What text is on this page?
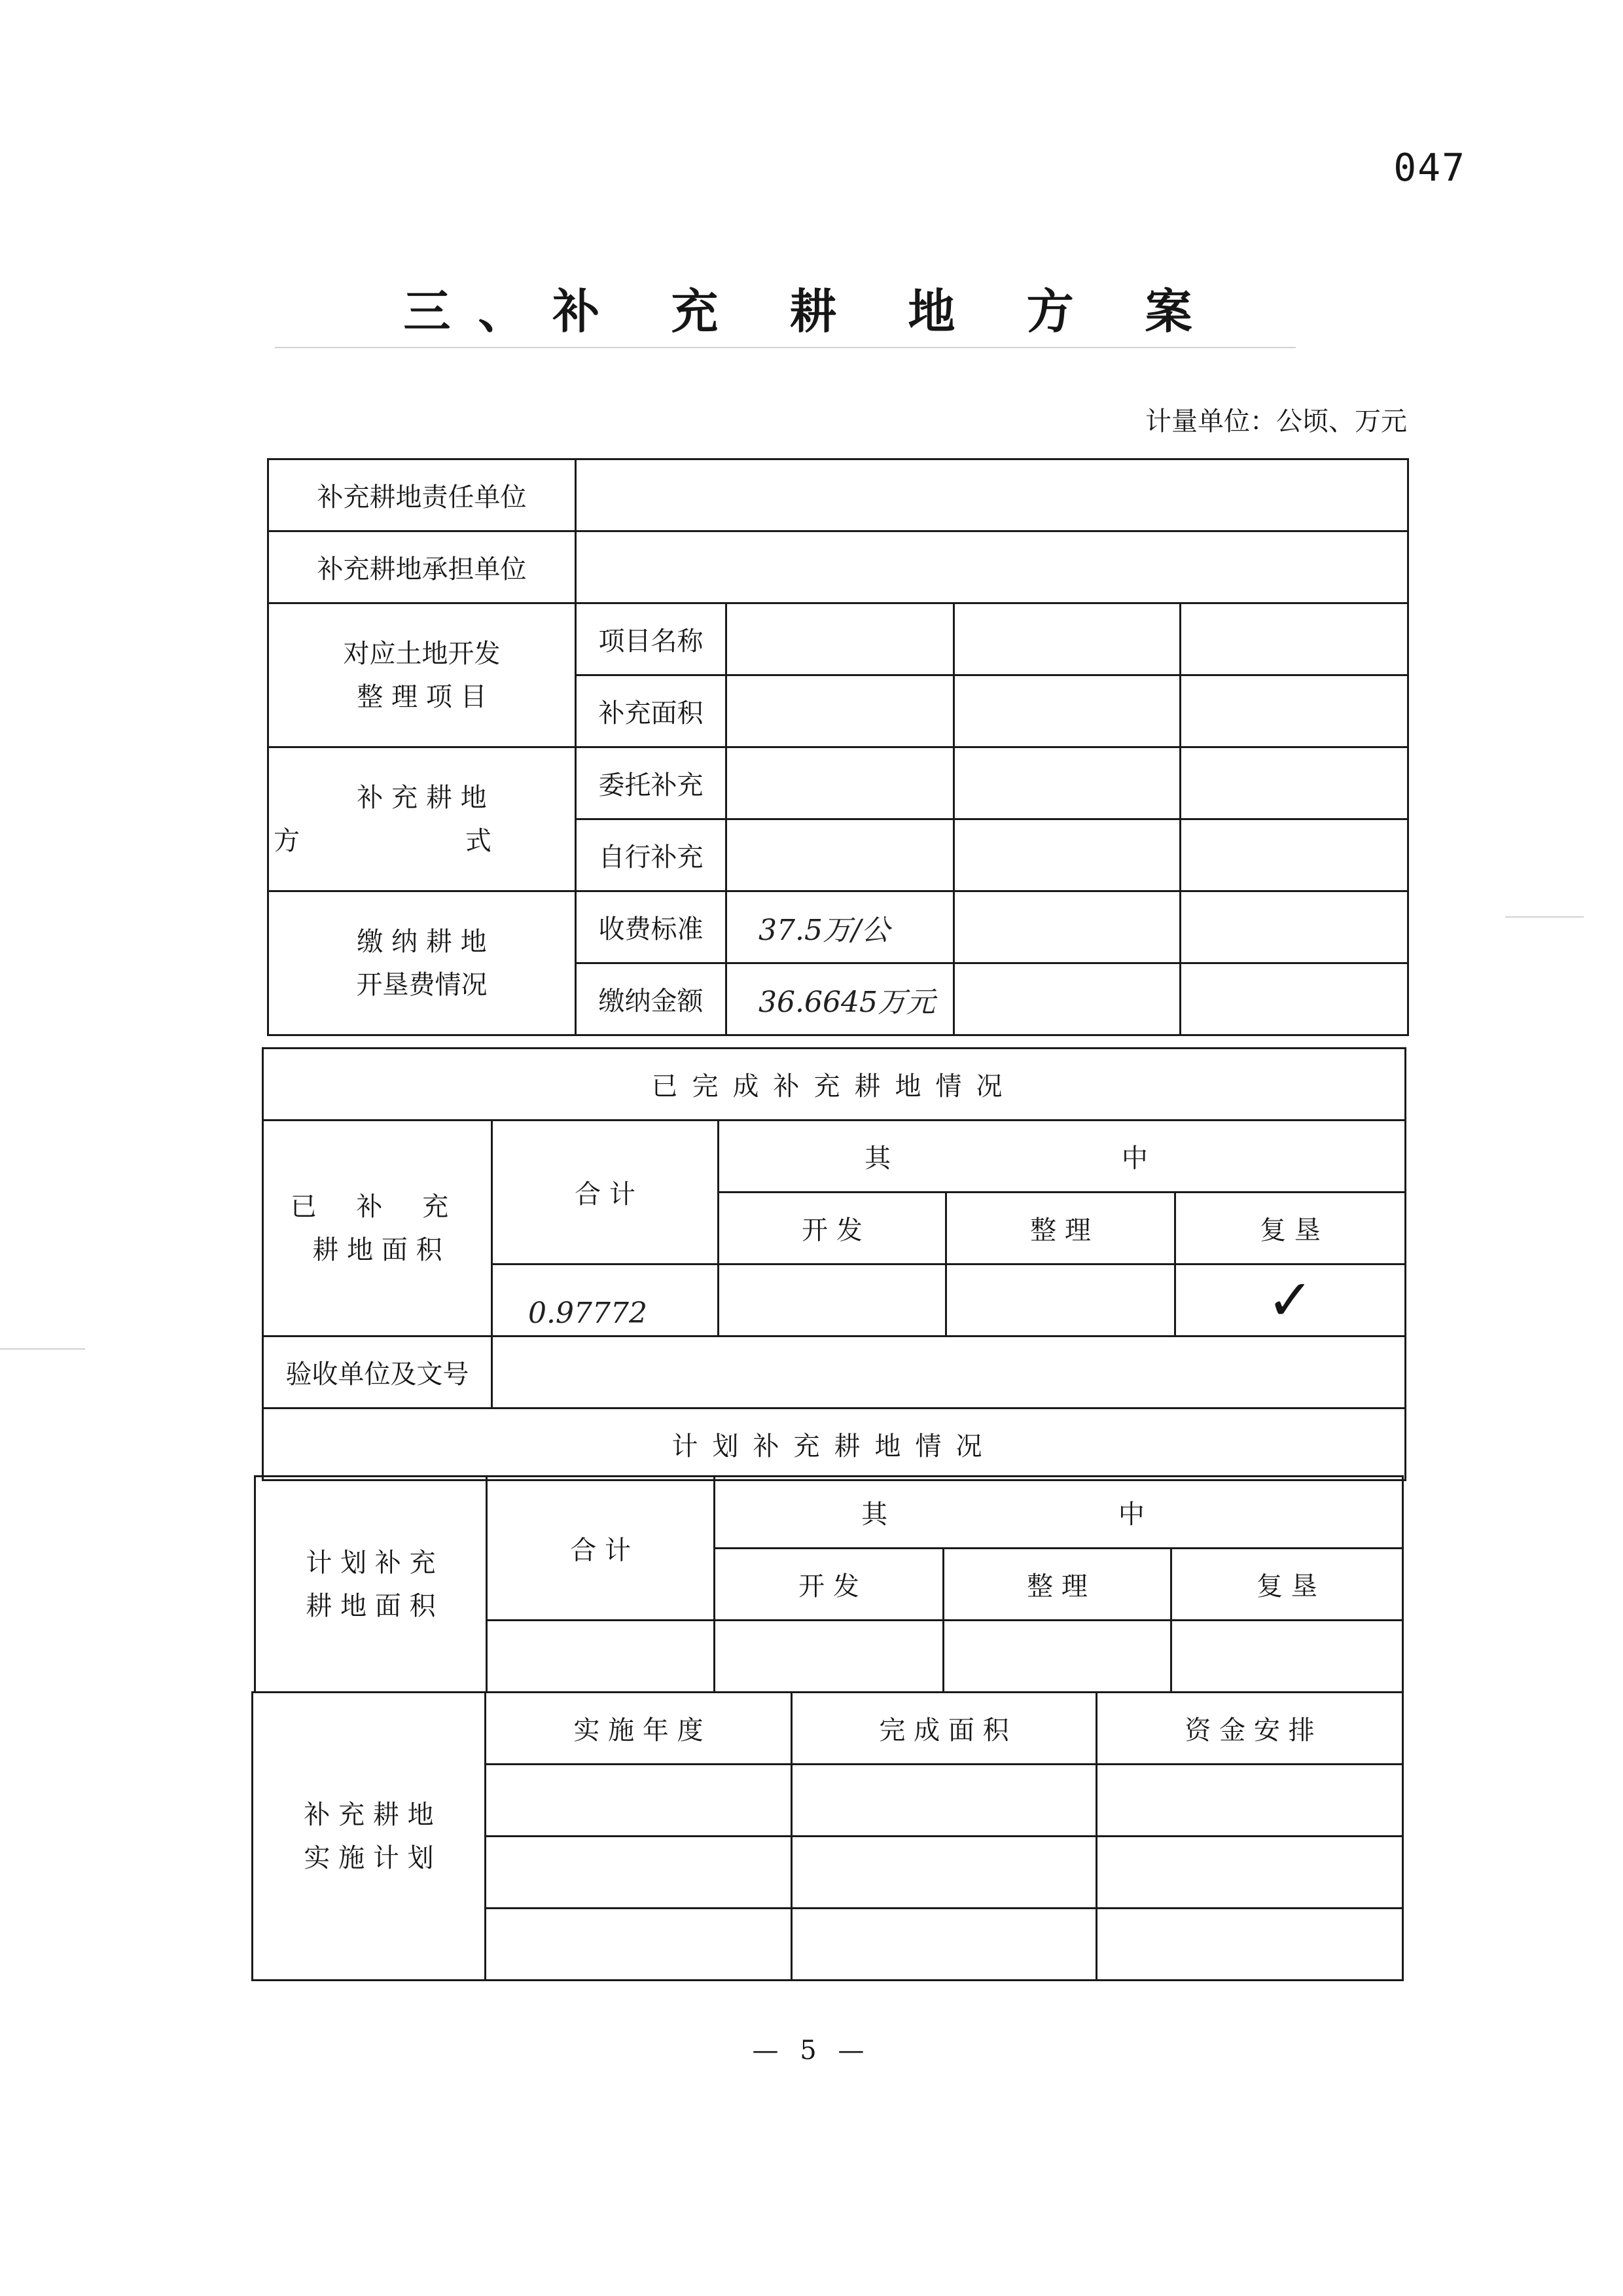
047
三、补 充 耕 地 方 案
计量单位：公顷、万元
补充耕地责任单位				
补充耕地承担单位				

对应土地开发
整 理 项 目	项目名称			
	补充面积			

补 充 耕 地
方 式	委托补充			
	自行补充			

缴 纳 耕 地
开垦费情况	收费标准	37.5万/公		
	缴纳金额	36.6645万元		
已完成补充耕地情况				

已 补 充
耕 地 面 积	合 计	其 中		
		开 发	整 理	复 垦
	0.97772			✓
验收单位及文号				
计划补充耕地情况				
计 划 补 充
耕 地 面 积	合 计	其 中		
		开 发	整 理	复 垦

补 充 耕 地
实 施 计 划	实 施 年 度	完 成 面 积	资 金 安 排

— 5 —
